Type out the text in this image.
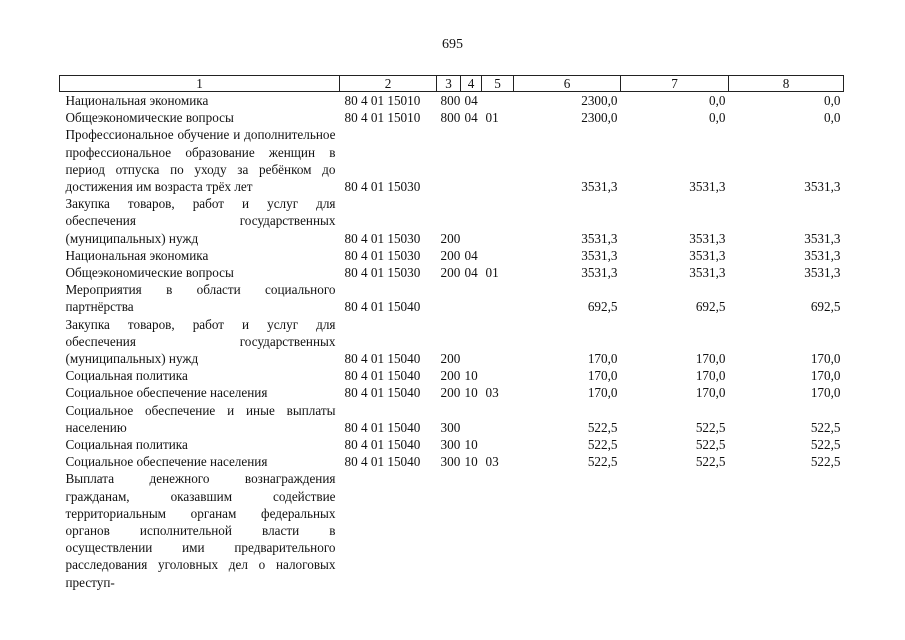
695
1	2	3	4	5	6	7	8
Национальная экономика	80 4 01 15010	800	04		2300,0	0,0	0,0
Общеэкономические вопросы	80 4 01 15010	800	04	01	2300,0	0,0	0,0
Профессиональное обучение и дополнительное профессиональное образование женщин в период отпуска по уходу за ребёнком до достижения им возраста трёх лет	80 4 01 15030				3531,3	3531,3	3531,3
Закупка товаров, работ и услуг для обеспечения государственных (муниципальных) нужд	80 4 01 15030	200			3531,3	3531,3	3531,3
Национальная экономика	80 4 01 15030	200	04		3531,3	3531,3	3531,3
Общеэкономические вопросы	80 4 01 15030	200	04	01	3531,3	3531,3	3531,3
Мероприятия в области социального партнёрства	80 4 01 15040				692,5	692,5	692,5
Закупка товаров, работ и услуг для обеспечения государственных (муниципальных) нужд	80 4 01 15040	200			170,0	170,0	170,0
Социальная политика	80 4 01 15040	200	10		170,0	170,0	170,0
Социальное обеспечение населения	80 4 01 15040	200	10	03	170,0	170,0	170,0
Социальное обеспечение и иные выплаты населению	80 4 01 15040	300			522,5	522,5	522,5
Социальная политика	80 4 01 15040	300	10		522,5	522,5	522,5
Социальное обеспечение населения	80 4 01 15040	300	10	03	522,5	522,5	522,5
Выплата денежного вознаграждения гражданам, оказавшим содействие территориальным органам федеральных органов исполнительной власти в осуществлении ими предварительного расследования уголовных дел о налоговых преступ-							
